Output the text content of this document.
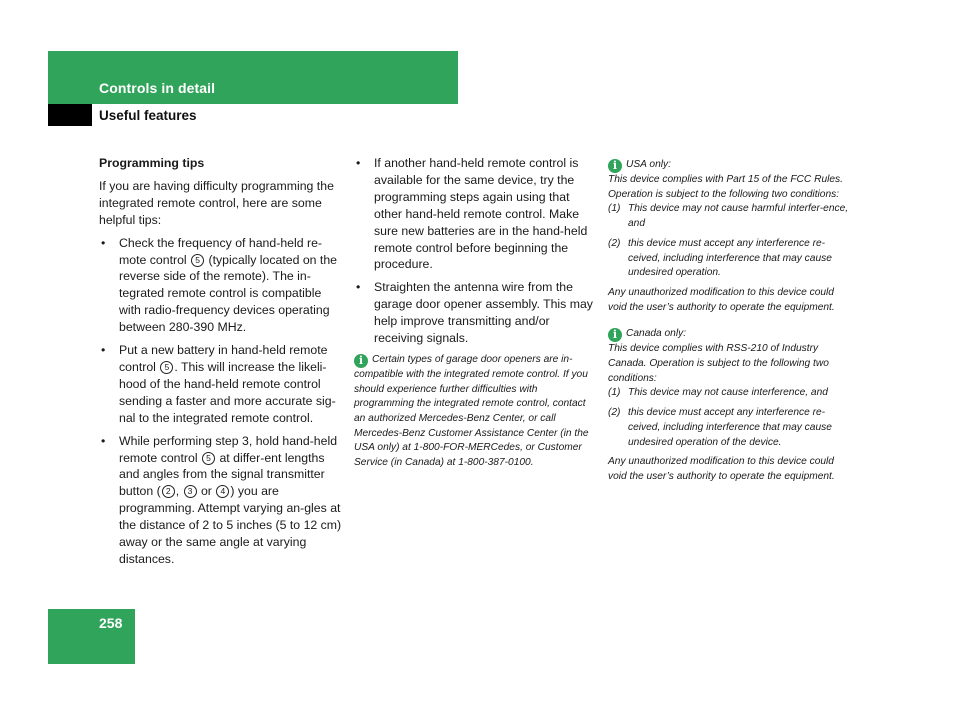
Controls in detail
Useful features

Programming tips

If you are having difficulty programming the integrated remote control, here are some helpful tips:

• Check the frequency of hand-held re-mote control 5 (typically located on the reverse side of the remote). The in-tegrated remote control is compatible with radio-frequency devices operating between 280-390 MHz.
• Put a new battery in hand-held remote control 5 . This will increase the likeli-hood of the hand-held remote control sending a faster and more accurate sig-nal to the integrated remote control.
• While performing step 3, hold hand-held remote control 5 at differ-ent lengths and angles from the signal transmitter button ( 2 , 3 or 4 ) you are programming. Attempt varying an-gles at the distance of 2 to 5 inches (5 to 12 cm) away or the same angle at varying distances.
• If another hand-held remote control is available for the same device, try the programming steps again using that other hand-held remote control. Make sure new batteries are in the hand-held remote control before beginning the procedure.
• Straighten the antenna wire from the garage door opener assembly. This may help improve transmitting and/or receiving signals.
i Certain types of garage door openers are in-compatible with the integrated remote control. If you should experience further difficulties with programming the integrated remote control, contact an authorized Mercedes-Benz Center, or call Mercedes-Benz Customer Assistance Center (in the USA only) at 1-800-FOR-MERCedes, or Customer Service (in Canada) at 1-800-387-0100.
i USA only:

This device complies with Part 15 of the FCC Rules. Operation is subject to the following two conditions:

(1) This device may not cause harmful interfer-ence, and
(2) this device must accept any interference re-ceived, including interference that may cause undesired operation.

Any unauthorized modification to this device could void the user’s authority to operate the equipment.

i Canada only:

This device complies with RSS-210 of Industry Canada. Operation is subject to the following two conditions:

(1) This device may not cause interference, and
(2) this device must accept any interference re-ceived, including interference that may cause undesired operation of the device.

Any unauthorized modification to this device could void the user’s authority to operate the equipment.

258
